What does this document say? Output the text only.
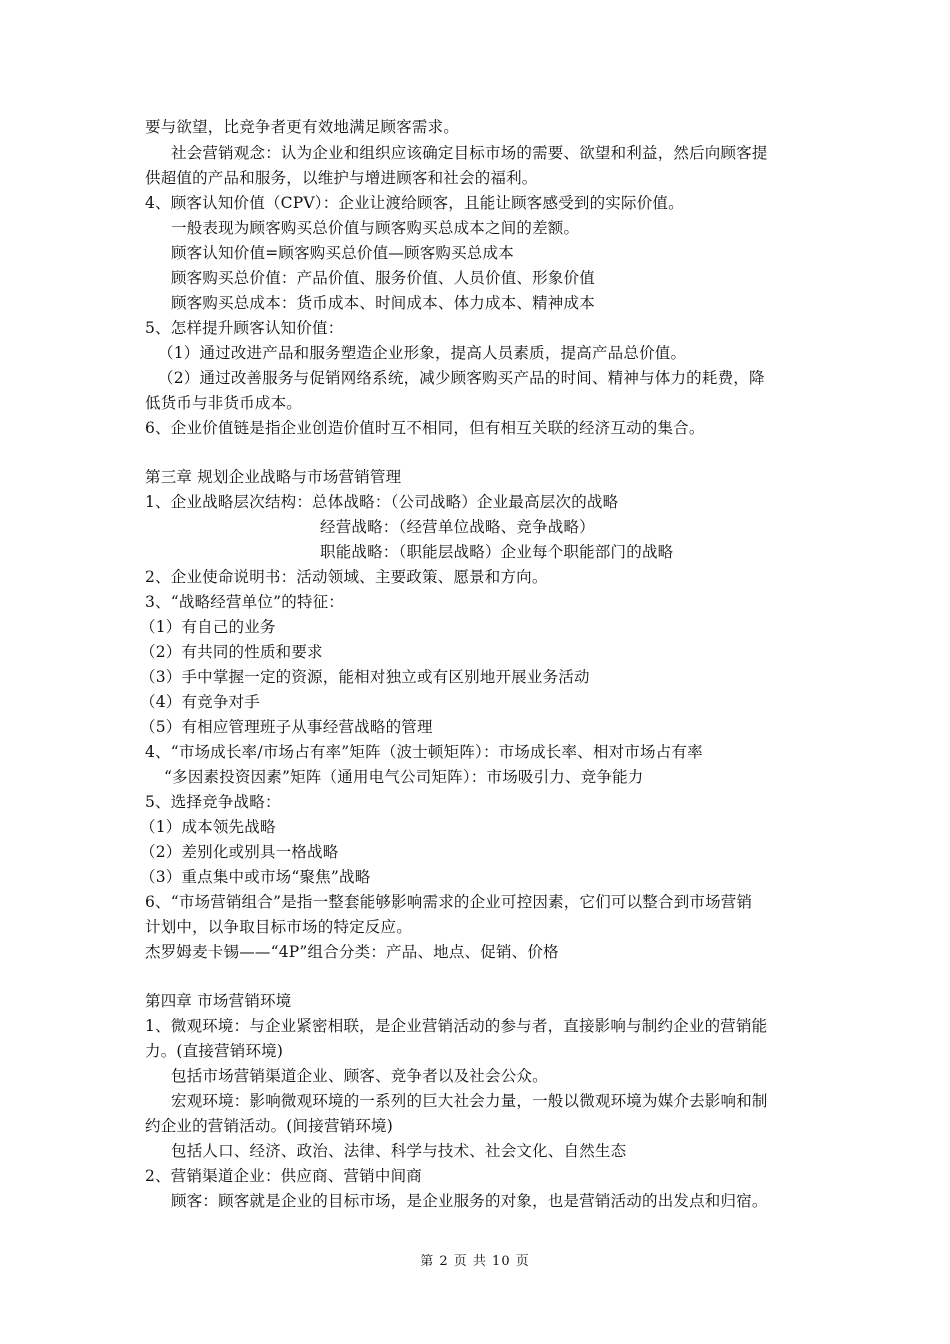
要与欲望，比竞争者更有效地满足顾客需求。
社会营销观念：认为企业和组织应该确定目标市场的需要、欲望和利益，然后向顾客提
供超值的产品和服务，以维护与增进顾客和社会的福利。
4、顾客认知价值（CPV）：企业让渡给顾客，且能让顾客感受到的实际价值。
一般表现为顾客购买总价值与顾客购买总成本之间的差额。
顾客认知价值=顾客购买总价值—顾客购买总成本
顾客购买总价值：产品价值、服务价值、人员价值、形象价值
顾客购买总成本：货币成本、时间成本、体力成本、精神成本
5、怎样提升顾客认知价值：
（1）通过改进产品和服务塑造企业形象，提高人员素质，提高产品总价值。
（2）通过改善服务与促销网络系统，减少顾客购买产品的时间、精神与体力的耗费，降
低货币与非货币成本。
6、企业价值链是指企业创造价值时互不相同，但有相互关联的经济互动的集合。
第三章 规划企业战略与市场营销管理
1、企业战略层次结构：总体战略：（公司战略）企业最高层次的战略
经营战略：（经营单位战略、竞争战略）
职能战略：（职能层战略）企业每个职能部门的战略
2、企业使命说明书：活动领域、主要政策、愿景和方向。
3、“战略经营单位”的特征：
（1）有自己的业务
（2）有共同的性质和要求
（3）手中掌握一定的资源，能相对独立或有区别地开展业务活动
（4）有竞争对手
（5）有相应管理班子从事经营战略的管理
4、“市场成长率/市场占有率”矩阵（波士顿矩阵）：市场成长率、相对市场占有率
“多因素投资因素”矩阵（通用电气公司矩阵）：市场吸引力、竞争能力
5、选择竞争战略：
（1）成本领先战略
（2）差别化或别具一格战略
（3）重点集中或市场“聚焦”战略
6、“市场营销组合”是指一整套能够影响需求的企业可控因素，它们可以整合到市场营销
计划中，以争取目标市场的特定反应。
杰罗姆麦卡锡——“4P”组合分类：产品、地点、促销、价格
第四章 市场营销环境
1、微观环境：与企业紧密相联，是企业营销活动的参与者，直接影响与制约企业的营销能
力。(直接营销环境)
包括市场营销渠道企业、顾客、竞争者以及社会公众。
宏观环境：影响微观环境的一系列的巨大社会力量，一般以微观环境为媒介去影响和制
约企业的营销活动。(间接营销环境)
包括人口、经济、政治、法律、科学与技术、社会文化、自然生态
2、营销渠道企业：供应商、营销中间商
顾客：顾客就是企业的目标市场，是企业服务的对象，也是营销活动的出发点和归宿。
第 2 页 共 10 页
